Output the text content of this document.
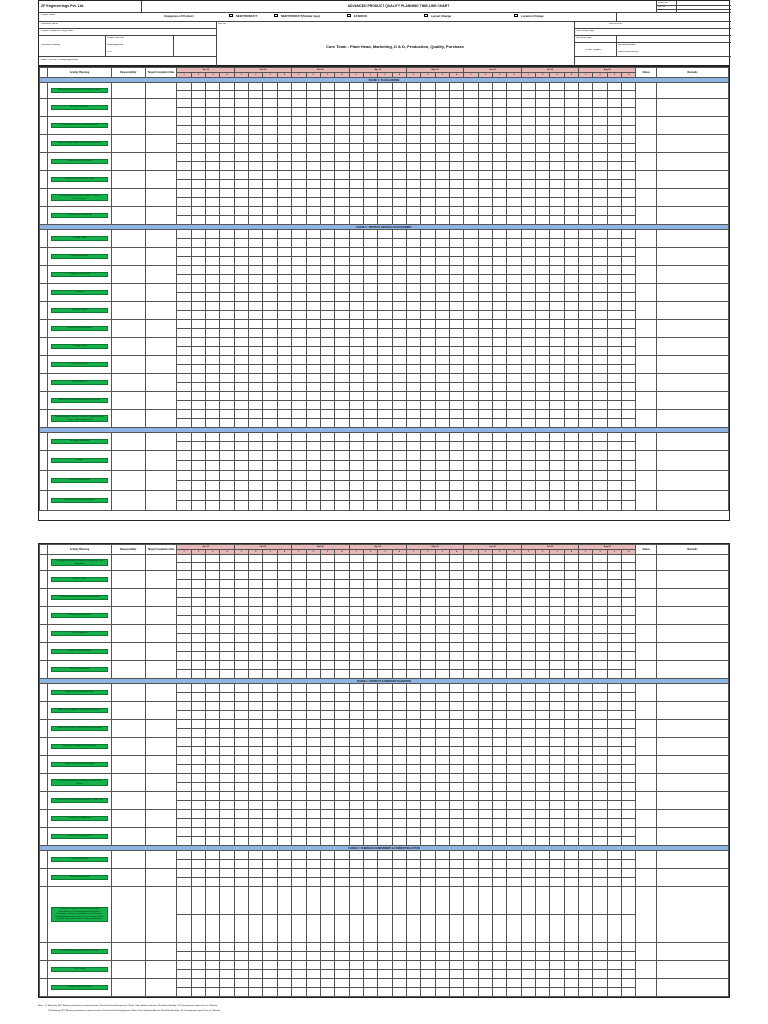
ZF Engineerings Pvt. Ltd.	ADVANCED PRODUCT QUALITY PLANNING TIME-LINE CHART
Format No.
Rev. No.
Date
Project Name :	Categories of Product :	NEW PRODUCT	NEW PRODUCT(Similar type)	ECN/DCN	Layout Change	Location Change
Customer Name :	Part No. :
Project Completion Target Date
Customer Drawing :
sample Trial Date:
sample Approval
SOP
Model / Part No. / Variety(if Applicable)
Core Team : Plant Head, Marketing, D & D, Production, Quality, Purchase
Date of Issue :
Team Leader Sign :
Sam Head Sign :
Cusbst. Supplier :
File Manufacturer :
Master Manufacturer :
	Activity Planning	Responsibility	Target Completion Date	Jan-10				Feb-10				Mar-10				Apr-10				May-10				Jun-10				Jul-10				Aug-10				Status	Remarks
				1	2	3	4	1	2	3	4	1	2	3	4	1	2	3	4	1	2	3	4	1	2	3	4	1	2	3	4	1	2	3	4		
PHASE 1 : PLAN & DEFINE																																					

Management Meeting on Feasibility of Product																																				

RFQ from Customer																																				

Design Goals (Voice of Customer) Input																																				

Product Design Review & Product Assumptions																																				

Preliminary List of Materials																																				

Preliminary Process Flow Chart																																				

Preliminary List of Special Product / Process Characteristics																																				

Preliminary Bill of Materials																																				

PHASE 2 : PRODUCT DESIGN & DEVELOPMENT																																					

DFMEA / DFA																																				

Design Verification																																				

Prototype Control Plan																																				

Drawing																																				

Design of FMEA																																				

Engineering Specifications																																				

Prototype Build																																				

Design Verification																																				

Design Reviews																																				

Material Specifications & Engineering Design																																				

New Equipment, Tooling & Facilities Requirements & Gauge / Testing Equipment																																				

Packaging Standards																																				

Gauges																																				

Process Flow Diagram																																				

Preparation of Pfmea Worksheet																																				

	Activity Planning	Responsibility	Target Completion Date	Jan-10				Feb-10				Mar-10				Apr-10				May-10				Jun-10				Jul-10				Aug-10				Status	Remarks
				1	2	3	4	1	2	3	4	1	2	3	4	1	2	3	4	1	2	3	4	1	2	3	4	1	2	3	4	1	2	3	4		

Packaging Evaluation Preparation / Approvals and Approved																																				

Measure Trial																																				

Product Verification and Trials with Outsiders																																				

Packaging Specifications																																				

Pilot Lot Approval																																				

Product Quality Planning																																				

SOP & Manufacturing																																				

PHASE 4 : PRODUCT & PROCESS VALIDATION																																					

Production Trial Readiness Run																																				

Measurement Systems Evaluation Preparation																																				

Preliminary Process Capability Study Preparation																																				

Production Part Approval Submission																																				

Preparation of PPAP Documents																																				

Packaging Evaluation / Production Control Plan Review																																				

Preparation of Packaging Standards / Quality Plan																																				

Production Part Approval																																				

Quality Planning Sign-Off																																				

PHASE 5 : FEEDBACK ASSESSMENT & CORRECTIVE ACTION																																					

Reduced Variation																																				

Customer Satisfaction																																				

Delivery and Service and the Effectiveness Assessment: Customer requirement Review Evaluation, Customer Satisfaction Level, Process Capability Improvement with Process Control Process (Control Plan) and Customer Complaints Analysis																																				

Use of Lessons Learned / Best Practices																																				

SOP Review																																				

Customer Sign-Off Review																																				

Note :- 1) Marketing HPT Meeting information communicated to Plant Head for Management, While Other Members Actions Should be Monthly / ST Development Inputs Due at 2 Months.
2) Marketing HPT Meeting information communicated to Plant Head for Management, While Other Members Actions Should be Monthly / ST Development Inputs Due at 2 Months.
